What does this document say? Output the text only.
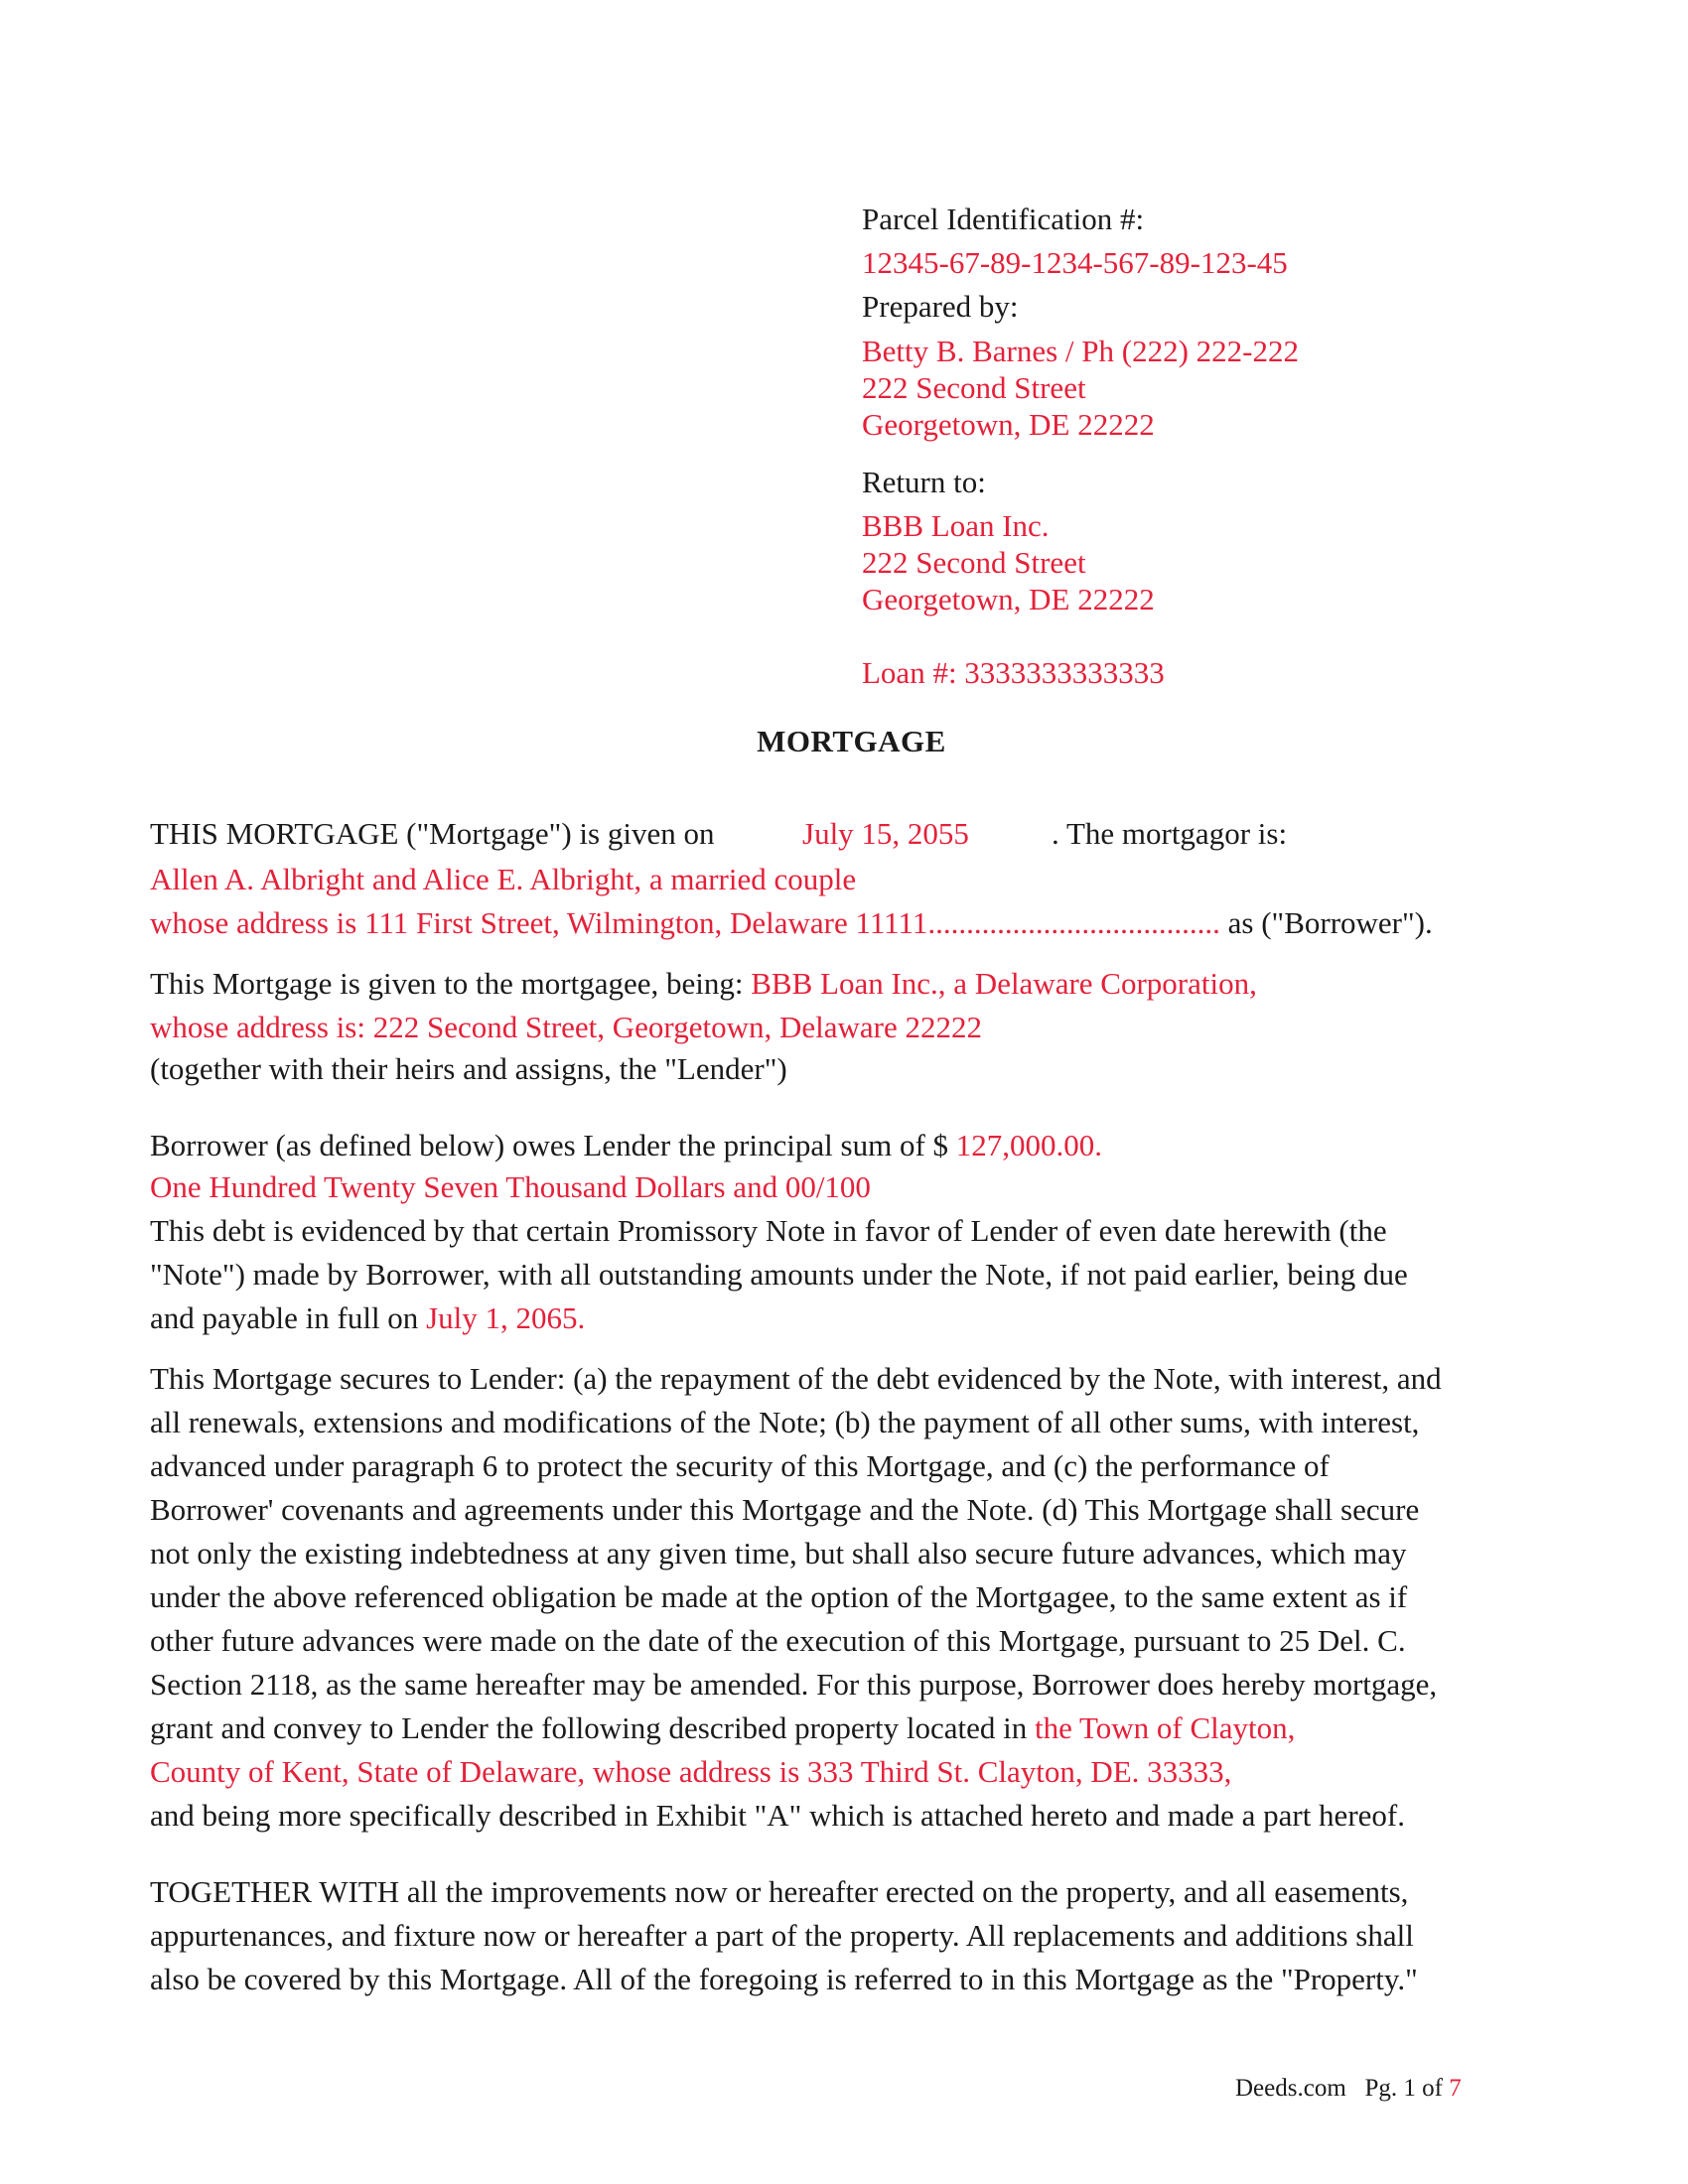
Parcel Identification #:
12345-67-89-1234-567-89-123-45
Prepared by:
Betty B. Barnes / Ph (222) 222-222
222 Second Street
Georgetown, DE 22222
Return to:
BBB Loan Inc.
222 Second Street
Georgetown, DE 22222
Loan #: 3333333333333
MORTGAGE
THIS MORTGAGE ("Mortgage") is given on	July 15, 2055	. The mortgagor is:
Allen A. Albright and Alice E. Albright, a married couple
whose address is 111 First Street, Wilmington, Delaware 11111...................................... as ("Borrower").
This Mortgage is given to the mortgagee, being: BBB Loan Inc., a Delaware Corporation,
whose address is: 222 Second Street, Georgetown, Delaware 22222
(together with their heirs and assigns, the "Lender")
Borrower (as defined below) owes Lender the principal sum of $ 127,000.00.
One Hundred Twenty Seven Thousand Dollars and 00/100
This debt is evidenced by that certain Promissory Note in favor of Lender of even date herewith (the
"Note") made by Borrower, with all outstanding amounts under the Note, if not paid earlier, being due
and payable in full on July 1, 2065.
This Mortgage secures to Lender: (a) the repayment of the debt evidenced by the Note, with interest, and
all renewals, extensions and modifications of the Note; (b) the payment of all other sums, with interest,
advanced under paragraph 6 to protect the security of this Mortgage, and (c) the performance of
Borrower' covenants and agreements under this Mortgage and the Note. (d) This Mortgage shall secure
not only the existing indebtedness at any given time, but shall also secure future advances, which may
under the above referenced obligation be made at the option of the Mortgagee, to the same extent as if
other future advances were made on the date of the execution of this Mortgage, pursuant to 25 Del. C.
Section 2118, as the same hereafter may be amended. For this purpose, Borrower does hereby mortgage,
grant and convey to Lender the following described property located in the Town of Clayton,
County of Kent, State of Delaware, whose address is 333 Third St. Clayton, DE. 33333,
and being more specifically described in Exhibit "A" which is attached hereto and made a part hereof.
TOGETHER WITH all the improvements now or hereafter erected on the property, and all easements,
appurtenances, and fixture now or hereafter a part of the property. All replacements and additions shall
also be covered by this Mortgage. All of the foregoing is referred to in this Mortgage as the "Property."
Deeds.com Pg. 1 of 7
